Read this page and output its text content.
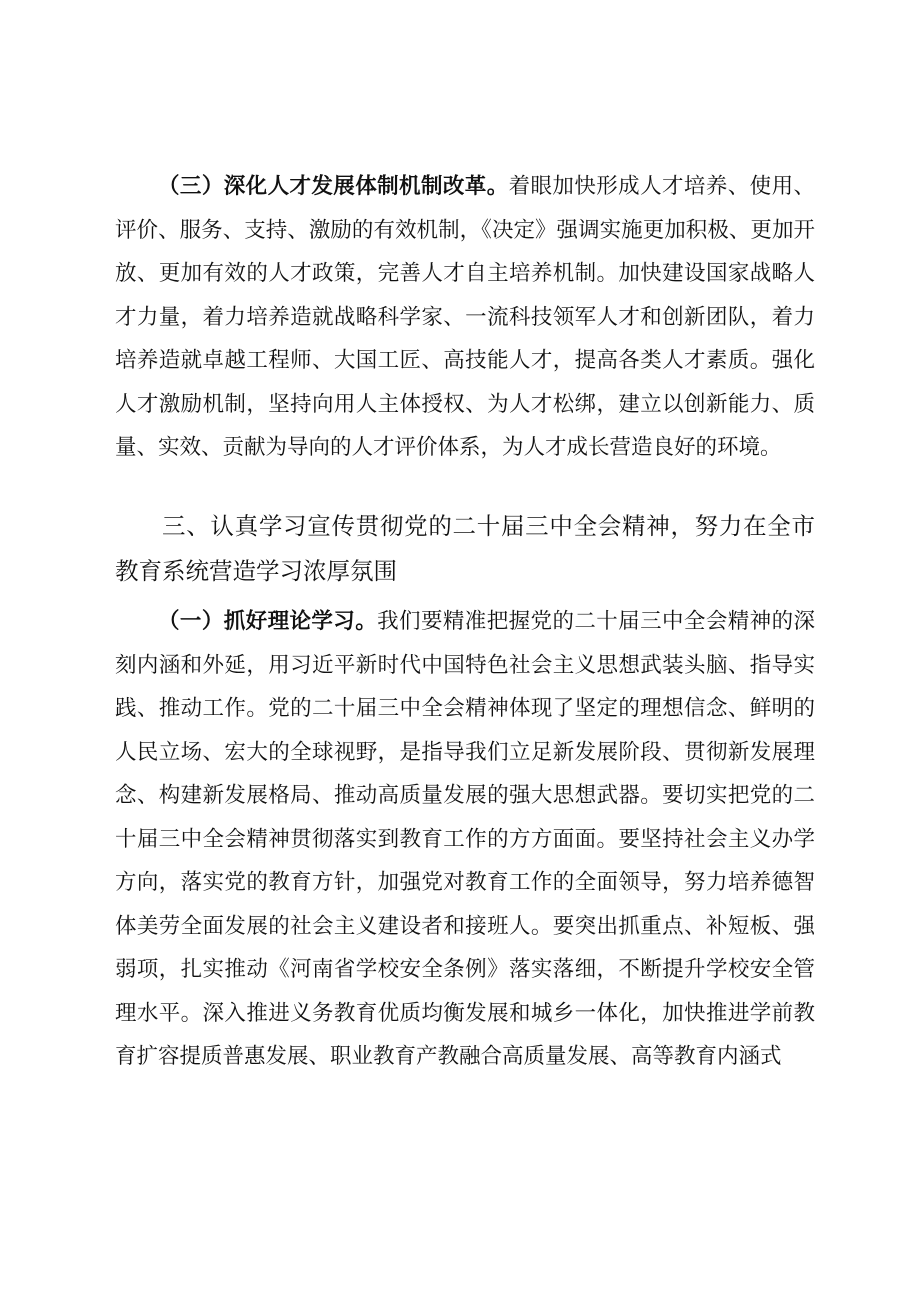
（三）深化人才发展体制机制改革。着眼加快形成人才培养、使用、评价、服务、支持、激励的有效机制，《决定》强调实施更加积极、更加开放、更加有效的人才政策，完善人才自主培养机制。加快建设国家战略人才力量，着力培养造就战略科学家、一流科技领军人才和创新团队，着力培养造就卓越工程师、大国工匠、高技能人才，提高各类人才素质。强化人才激励机制，坚持向用人主体授权、为人才松绑，建立以创新能力、质量、实效、贡献为导向的人才评价体系，为人才成长营造良好的环境。

三、认真学习宣传贯彻党的二十届三中全会精神，努力在全市教育系统营造学习浓厚氛围

（一）抓好理论学习。我们要精准把握党的二十届三中全会精神的深刻内涵和外延，用习近平新时代中国特色社会主义思想武装头脑、指导实践、推动工作。党的二十届三中全会精神体现了坚定的理想信念、鲜明的人民立场、宏大的全球视野，是指导我们立足新发展阶段、贯彻新发展理念、构建新发展格局、推动高质量发展的强大思想武器。要切实把党的二十届三中全会精神贯彻落实到教育工作的方方面面。要坚持社会主义办学方向，落实党的教育方针，加强党对教育工作的全面领导，努力培养德智体美劳全面发展的社会主义建设者和接班人。要突出抓重点、补短板、强弱项，扎实推动《河南省学校安全条例》落实落细，不断提升学校安全管理水平。深入推进义务教育优质均衡发展和城乡一体化，加快推进学前教育扩容提质普惠发展、职业教育产教融合高质量发展、高等教育内涵式
